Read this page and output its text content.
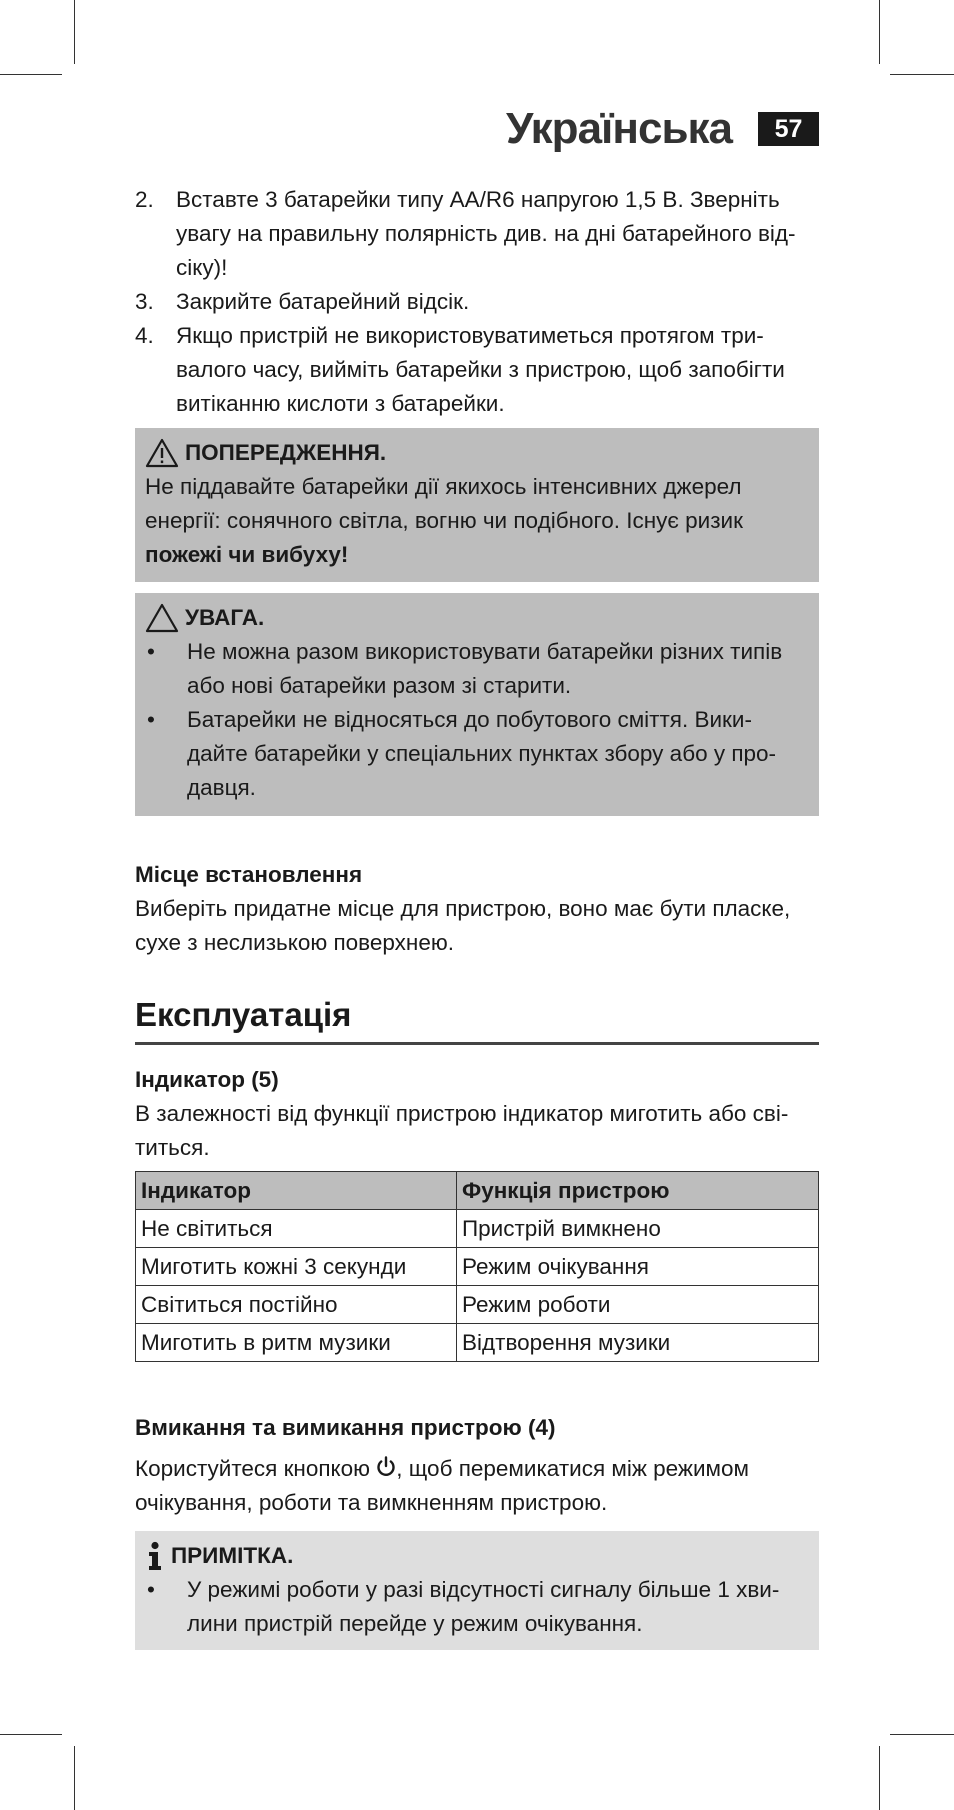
Українська	57
2. Вставте 3 батарейки типу AA/R6 напругою 1,5 В. Зверніть увагу на правильну полярність див. на дні батарейного від-сіку)!
3. Закрийте батарейний відсік.
4. Якщо пристрій не використовуватиметься протягом три-валого часу, вийміть батарейки з пристрою, щоб запобігти витіканню кислоти з батарейки.
ПОПЕРЕДЖЕННЯ.

Не піддавайте батарейки дії якихось інтенсивних джерел енергії: сонячного світла, вогню чи подібного. Існує ризик пожежі чи вибуху!

УВАГА.
•	Не можна разом використовувати батарейки різних типів або нові батарейки разом зі старити.
•	Батарейки не відносяться до побутового сміття. Вики-дайте батарейки у спеціальних пунктах збору або у про-давця.
Місце встановлення
Виберіть придатне місце для пристрою, воно має бути пласке, сухе з неслизькою поверхнею.
Експлуатація
Індикатор (5)
В залежності від функції пристрою індикатор миготить або сві-титься.
Індикатор	Функція пристрою
Не світиться	Пристрій вимкнено
Миготить кожні 3 секунди	Режим очікування
Світиться постійно	Режим роботи
Миготить в ритм музики	Відтворення музики
Вмикання та вимикання пристрою (4)
Користуйтеся кнопкою , щоб перемикатися між режимом очікування, роботи та вимкненням пристрою.
ПРИМІТКА.
•	У режимі роботи у разі відсутності сигналу більше 1 хви-лини пристрій перейде у режим очікування.
